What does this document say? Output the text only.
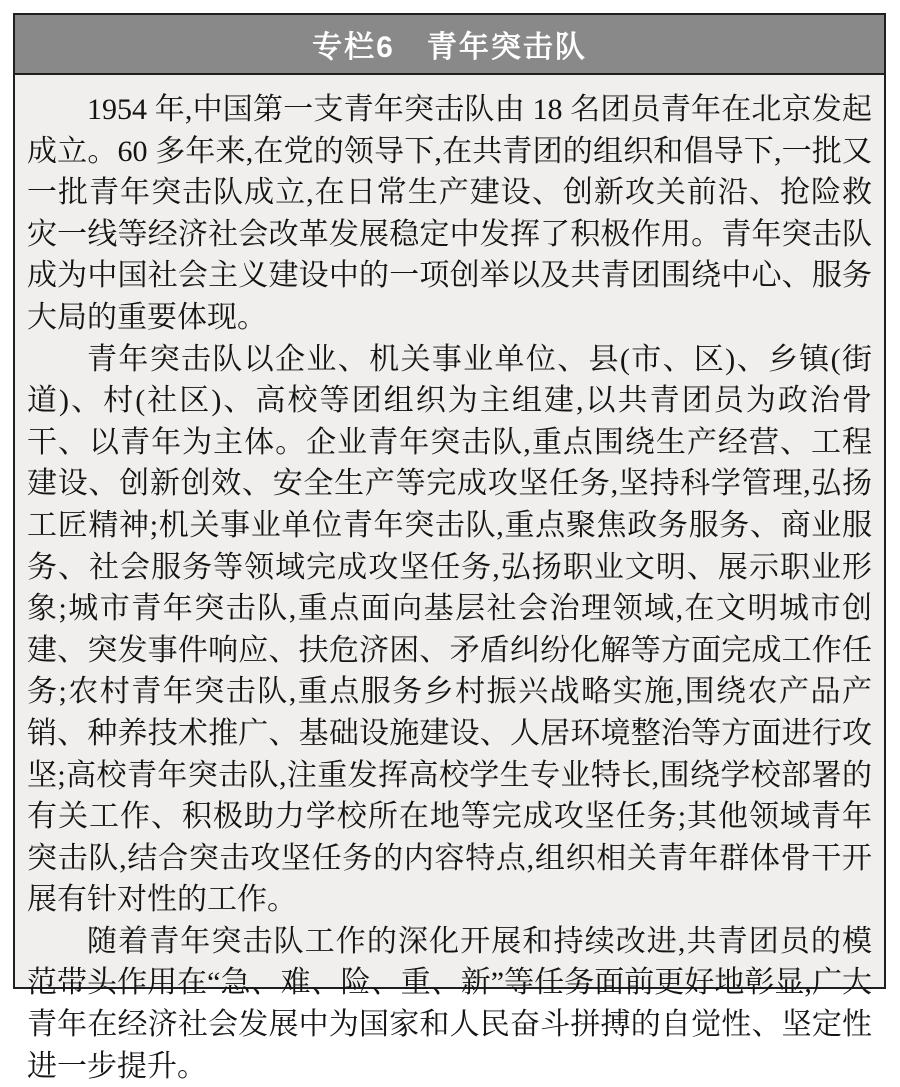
专栏6　青年突击队

1954 年,中国第一支青年突击队由 18 名团员青年在北京发起成立。60 多年来,在党的领导下,在共青团的组织和倡导下,一批又一批青年突击队成立,在日常生产建设、创新攻关前沿、抢险救灾一线等经济社会改革发展稳定中发挥了积极作用。青年突击队成为中国社会主义建设中的一项创举以及共青团围绕中心、服务大局的重要体现。

青年突击队以企业、机关事业单位、县(市、区)、乡镇(街道)、村(社区)、高校等团组织为主组建,以共青团员为政治骨干、以青年为主体。企业青年突击队,重点围绕生产经营、工程建设、创新创效、安全生产等完成攻坚任务,坚持科学管理,弘扬工匠精神;机关事业单位青年突击队,重点聚焦政务服务、商业服务、社会服务等领域完成攻坚任务,弘扬职业文明、展示职业形象;城市青年突击队,重点面向基层社会治理领域,在文明城市创建、突发事件响应、扶危济困、矛盾纠纷化解等方面完成工作任务;农村青年突击队,重点服务乡村振兴战略实施,围绕农产品产销、种养技术推广、基础设施建设、人居环境整治等方面进行攻坚;高校青年突击队,注重发挥高校学生专业特长,围绕学校部署的有关工作、积极助力学校所在地等完成攻坚任务;其他领域青年突击队,结合突击攻坚任务的内容特点,组织相关青年群体骨干开展有针对性的工作。

随着青年突击队工作的深化开展和持续改进,共青团员的模范带头作用在“急、难、险、重、新”等任务面前更好地彰显,广大青年在经济社会发展中为国家和人民奋斗拼搏的自觉性、坚定性进一步提升。
